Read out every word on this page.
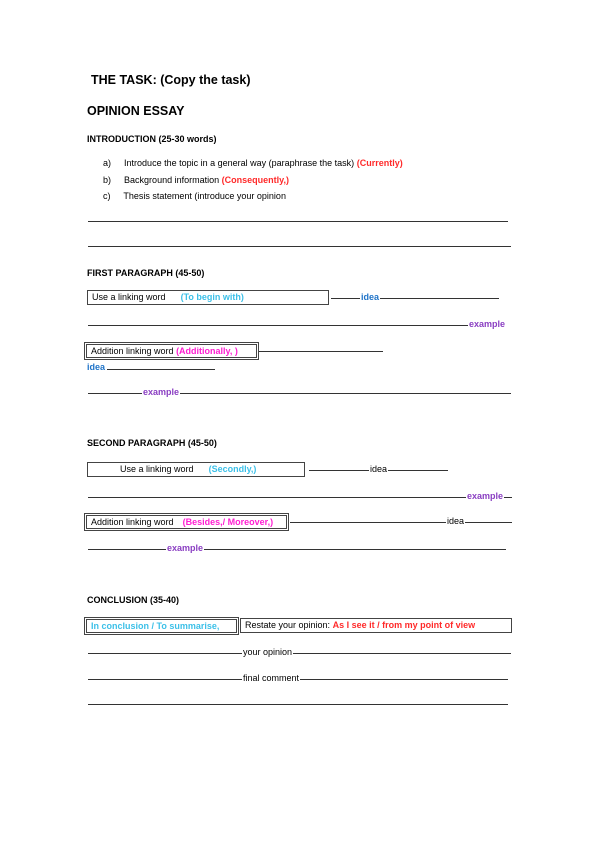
THE TASK: (Copy the task)
OPINION ESSAY
INTRODUCTION (25-30 words)
a) Introduce the topic in a general way (paraphrase the task) (Currently)
b) Background information (Consequently,)
c) Thesis statement (introduce your opinion
FIRST PARAGRAPH (45-50)
Use a linking word (To begin with)	idea
example
Addition linking word (Additionally, )
idea
example
SECOND PARAGRAPH (45-50)
Use a linking word (Secondly,)	idea
example
Addition linking word (Besides,/ Moreover,)	idea
example
CONCLUSION (35-40)
In conclusion / To summarise,	Restate your opinion: As I see it / from my point of view
your opinion
final comment
